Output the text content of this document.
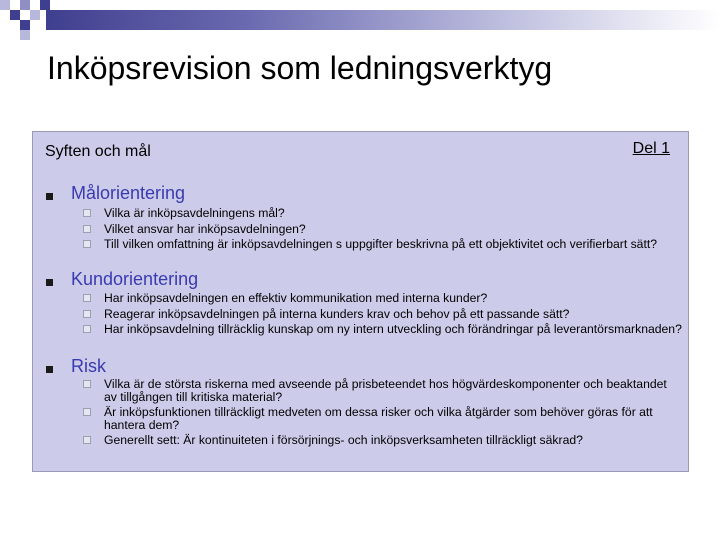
Inköpsrevision som ledningsverktyg
Syften och mål	Del 1
Målorientering
Vilka är inköpsavdelningens mål?
Vilket ansvar har inköpsavdelningen?
Till vilken omfattning är inköpsavdelningen s uppgifter beskrivna på ett objektivitet och verifierbart sätt?
Kundorientering
Har inköpsavdelningen en effektiv kommunikation med interna kunder?
Reagerar inköpsavdelningen på interna kunders krav och behov på ett passande sätt?
Har inköpsavdelning tillräcklig kunskap om ny intern utveckling och förändringar på leverantörsmarknaden?
Risk
Vilka är de största riskerna med avseende på prisbeteendet hos högvärdeskomponenter och beaktandet av tillgången till kritiska material?
Är inköpsfunktionen tillräckligt medveten om dessa risker och vilka åtgärder som behöver göras för att hantera dem?
Generellt sett: Är kontinuiteten i försörjnings- och inköpsverksamheten tillräckligt säkrad?
